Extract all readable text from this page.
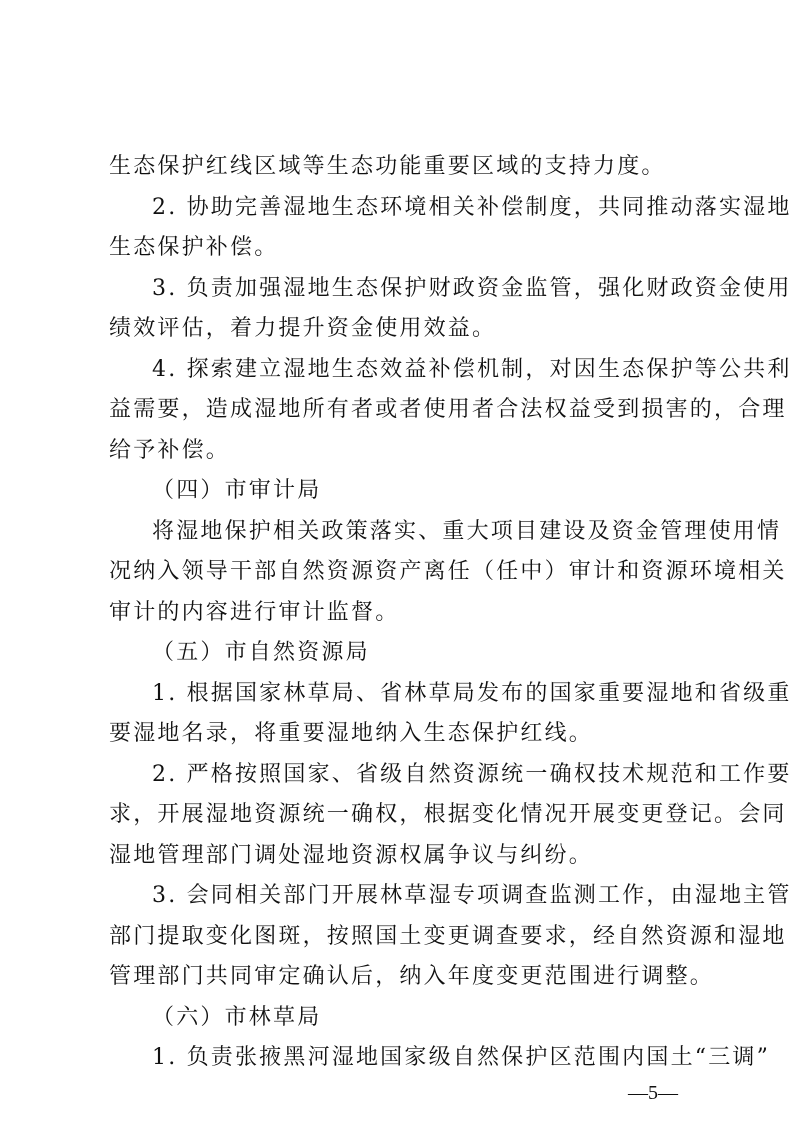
生态保护红线区域等生态功能重要区域的支持力度。
2. 协助完善湿地生态环境相关补偿制度，共同推动落实湿地
生态保护补偿。
3. 负责加强湿地生态保护财政资金监管，强化财政资金使用
绩效评估，着力提升资金使用效益。
4. 探索建立湿地生态效益补偿机制，对因生态保护等公共利
益需要，造成湿地所有者或者使用者合法权益受到损害的，合理
给予补偿。
（四）市审计局
将湿地保护相关政策落实、重大项目建设及资金管理使用情
况纳入领导干部自然资源资产离任（任中）审计和资源环境相关
审计的内容进行审计监督。
（五）市自然资源局
1. 根据国家林草局、省林草局发布的国家重要湿地和省级重
要湿地名录，将重要湿地纳入生态保护红线。
2. 严格按照国家、省级自然资源统一确权技术规范和工作要
求，开展湿地资源统一确权，根据变化情况开展变更登记。会同
湿地管理部门调处湿地资源权属争议与纠纷。
3. 会同相关部门开展林草湿专项调查监测工作，由湿地主管
部门提取变化图斑，按照国土变更调查要求，经自然资源和湿地
管理部门共同审定确认后，纳入年度变更范围进行调整。
（六）市林草局
—5—
1. 负责张掖黑河湿地国家级自然保护区范围内国土“三调”
